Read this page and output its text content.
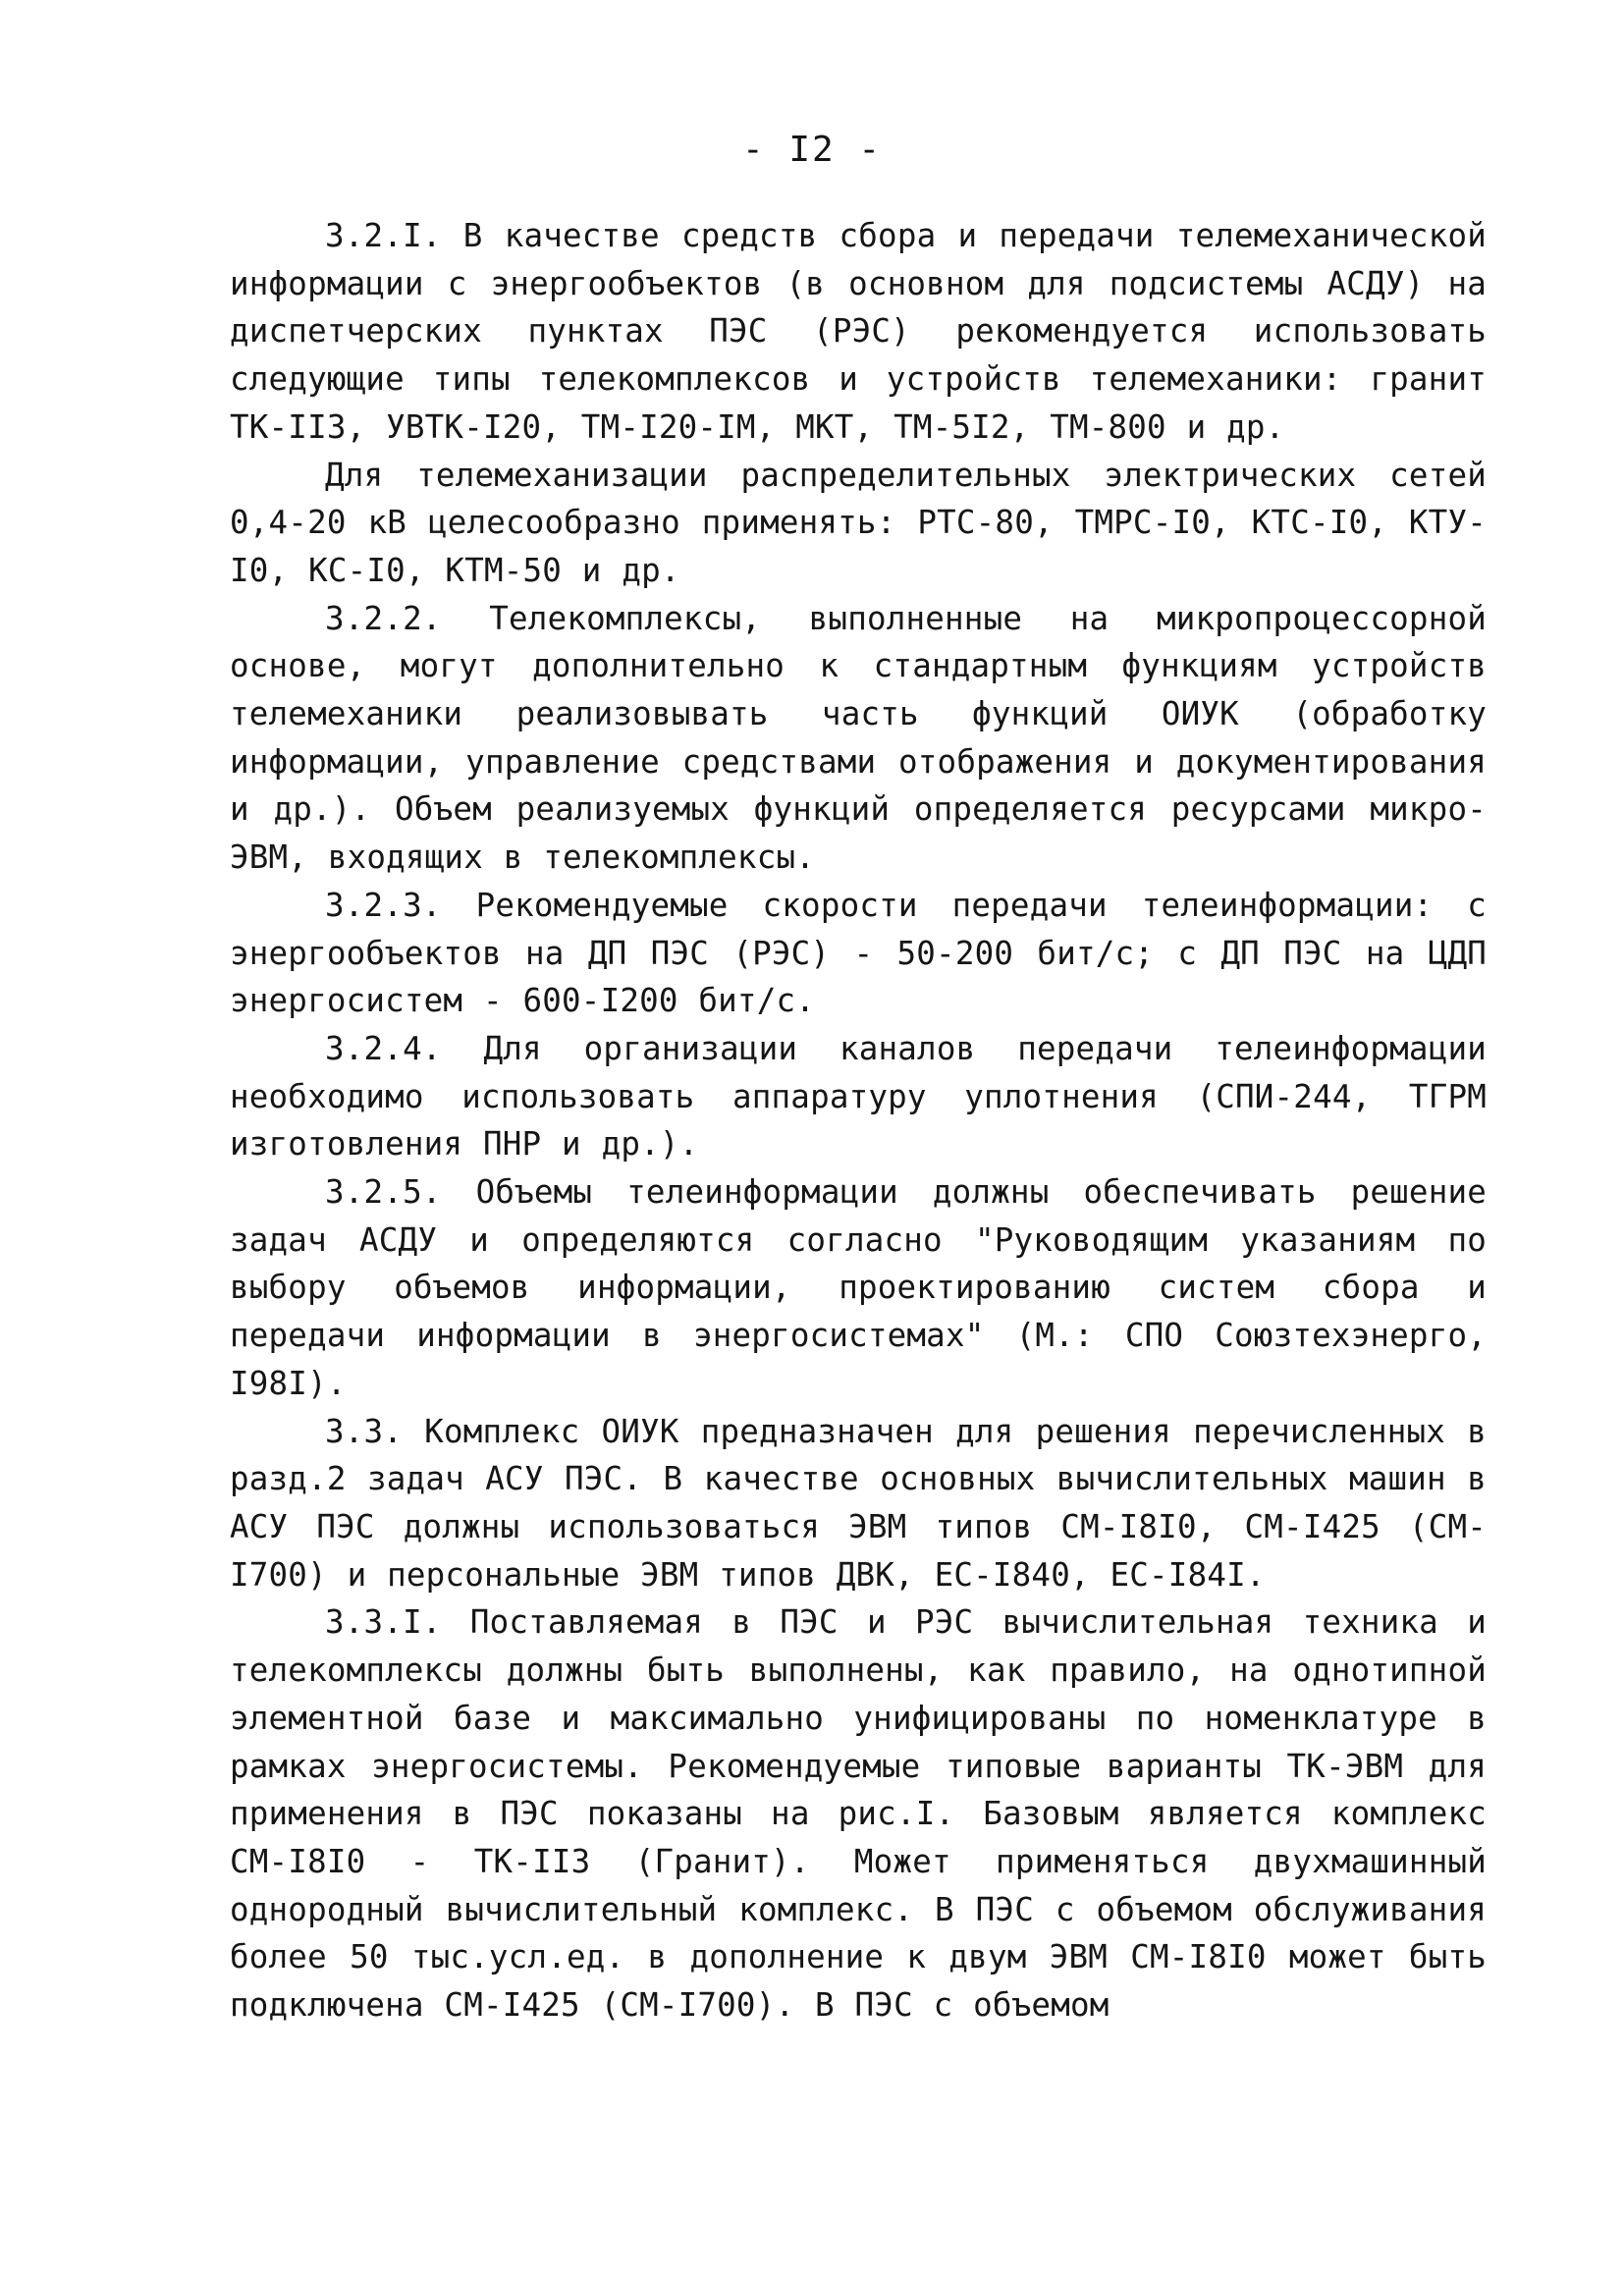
- I2 -

3.2.I. В качестве средств сбора и передачи телемеханической информации с энергообъектов (в основном для подсистемы АСДУ) на диспетчерских пунктах ПЭС (РЭС) рекомендуется использовать следующие типы телекомплексов и устройств телемеханики: гранит ТК-II3, УВТК-I20, ТМ-I20-IМ, МКТ, ТМ-5I2, ТМ-800 и др.

Для телемеханизации распределительных электрических сетей 0,4-20 кВ целесообразно применять: РТС-80, ТМРС-I0, КТС-I0, КТУ-I0, КС-I0, КТМ-50 и др.

3.2.2. Телекомплексы, выполненные на микропроцессорной основе, могут дополнительно к стандартным функциям устройств телемеханики реализовывать часть функций ОИУК (обработку информации, управление средствами отображения и документирования и др.). Объем реализуемых функций определяется ресурсами микро-ЭВМ, входящих в телекомплексы.

3.2.3. Рекомендуемые скорости передачи телеинформации: с энергообъектов на ДП ПЭС (РЭС) - 50-200 бит/с; с ДП ПЭС на ЦДП энергосистем - 600-I200 бит/с.

3.2.4. Для организации каналов передачи телеинформации необходимо использовать аппаратуру уплотнения (СПИ-244, ТГРМ изготовления ПНР и др.).

3.2.5. Объемы телеинформации должны обеспечивать решение задач АСДУ и определяются согласно "Руководящим указаниям по выбору объемов информации, проектированию систем сбора и передачи информации в энергосистемах" (М.: СПО Союзтехэнерго, I98I).

3.3. Комплекс ОИУК предназначен для решения перечисленных в разд.2 задач АСУ ПЭС. В качестве основных вычислительных машин в АСУ ПЭС должны использоваться ЭВМ типов СМ-I8I0, СМ-I425 (СМ-I700) и персональные ЭВМ типов ДВК, ЕС-I840, ЕС-I84I.

3.3.I. Поставляемая в ПЭС и РЭС вычислительная техника и телекомплексы должны быть выполнены, как правило, на однотипной элементной базе и максимально унифицированы по номенклатуре в рамках энергосистемы. Рекомендуемые типовые варианты ТК-ЭВМ для применения в ПЭС показаны на рис.I. Базовым является комплекс СМ-I8I0 - ТК-II3 (Гранит). Может применяться двухмашинный однородный вычислительный комплекс. В ПЭС с объемом обслуживания более 50 тыс.усл.ед. в дополнение к двум ЭВМ СМ-I8I0 может быть подключена СМ-I425 (СМ-I700). В ПЭС с объемом
